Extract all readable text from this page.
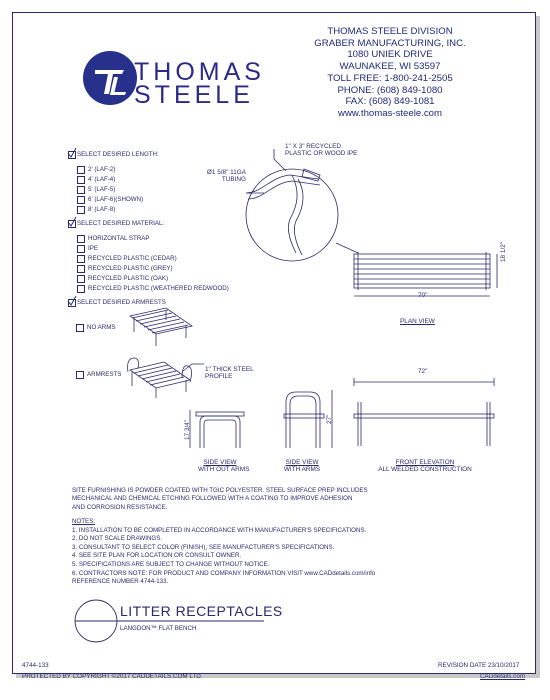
THOMAS
STEELE
THOMAS STEELE DIVISION
GRABER MANUFACTURING, INC.
1080 UNIEK DRIVE
WAUNAKEE, WI 53597
TOLL FREE: 1-800-241-2505
PHONE: (608) 849-1080
FAX: (608) 849-1081
www.thomas-steele.com
SELECT DESIRED LENGTH:
2' (LAF-2)
4' (LAF-4)
5' (LAF-5)
6' (LAF-6)(SHOWN)
8' (LAF-8)
SELECT DESIRED MATERIAL:
HORIZONTAL STRAP
IPE
RECYCLED PLASTIC (CEDAR)
RECYCLED PLASTIC (GREY)
RECYCLED PLASTIC (OAK)
RECYCLED PLASTIC (WEATHERED REDWOOD)
SELECT DESIRED ARMRESTS
NO ARMS
ARMRESTS
1" THICK STEEL
PROFILE
1" X 3" RECYCLED
PLASTIC OR WOOD IPE
Ø1 5/8" 11GA
TUBING
70"
18 1/2"
PLAN VIEW
17 3/4"
SIDE VIEW
WITH OUT ARMS
27"
SIDE VIEW
WITH ARMS
72"
FRONT ELEVATION
ALL WELDED CONSTRUCTION
SITE FURNISHING IS POWDER COATED WITH TGIC POLYESTER. STEEL SURFACE PREP INCLUDES
MECHANICAL AND CHEMICAL ETCHING FOLLOWED WITH A COATING TO IMPROVE ADHESION
AND CORROSION RESISTANCE.
NOTES:
1. INSTALLATION TO BE COMPLETED IN ACCORDANCE WITH MANUFACTURER'S SPECIFICATIONS.
2. DO NOT SCALE DRAWINGS.
3. CONSULTANT TO SELECT COLOR (FINISH), SEE MANUFACTURER'S SPECIFICATIONS.
4. SEE SITE PLAN FOR LOCATION OR CONSULT OWNER.
5. SPECIFICATIONS ARE SUBJECT TO CHANGE WITHOUT NOTICE.
6. CONTRACTORS NOTE: FOR PRODUCT AND COMPANY INFORMATION VISIT www.CADdetails.com/info
REFERENCE NUMBER 4744-133.
LITTER RECEPTACLES
LANGDON™ FLAT BENCH
4744-133	REVISION DATE 23/10/2017
PROTECTED BY COPYRIGHT ©2017 CADDETAILS.COM LTD.	CADdetails.com
